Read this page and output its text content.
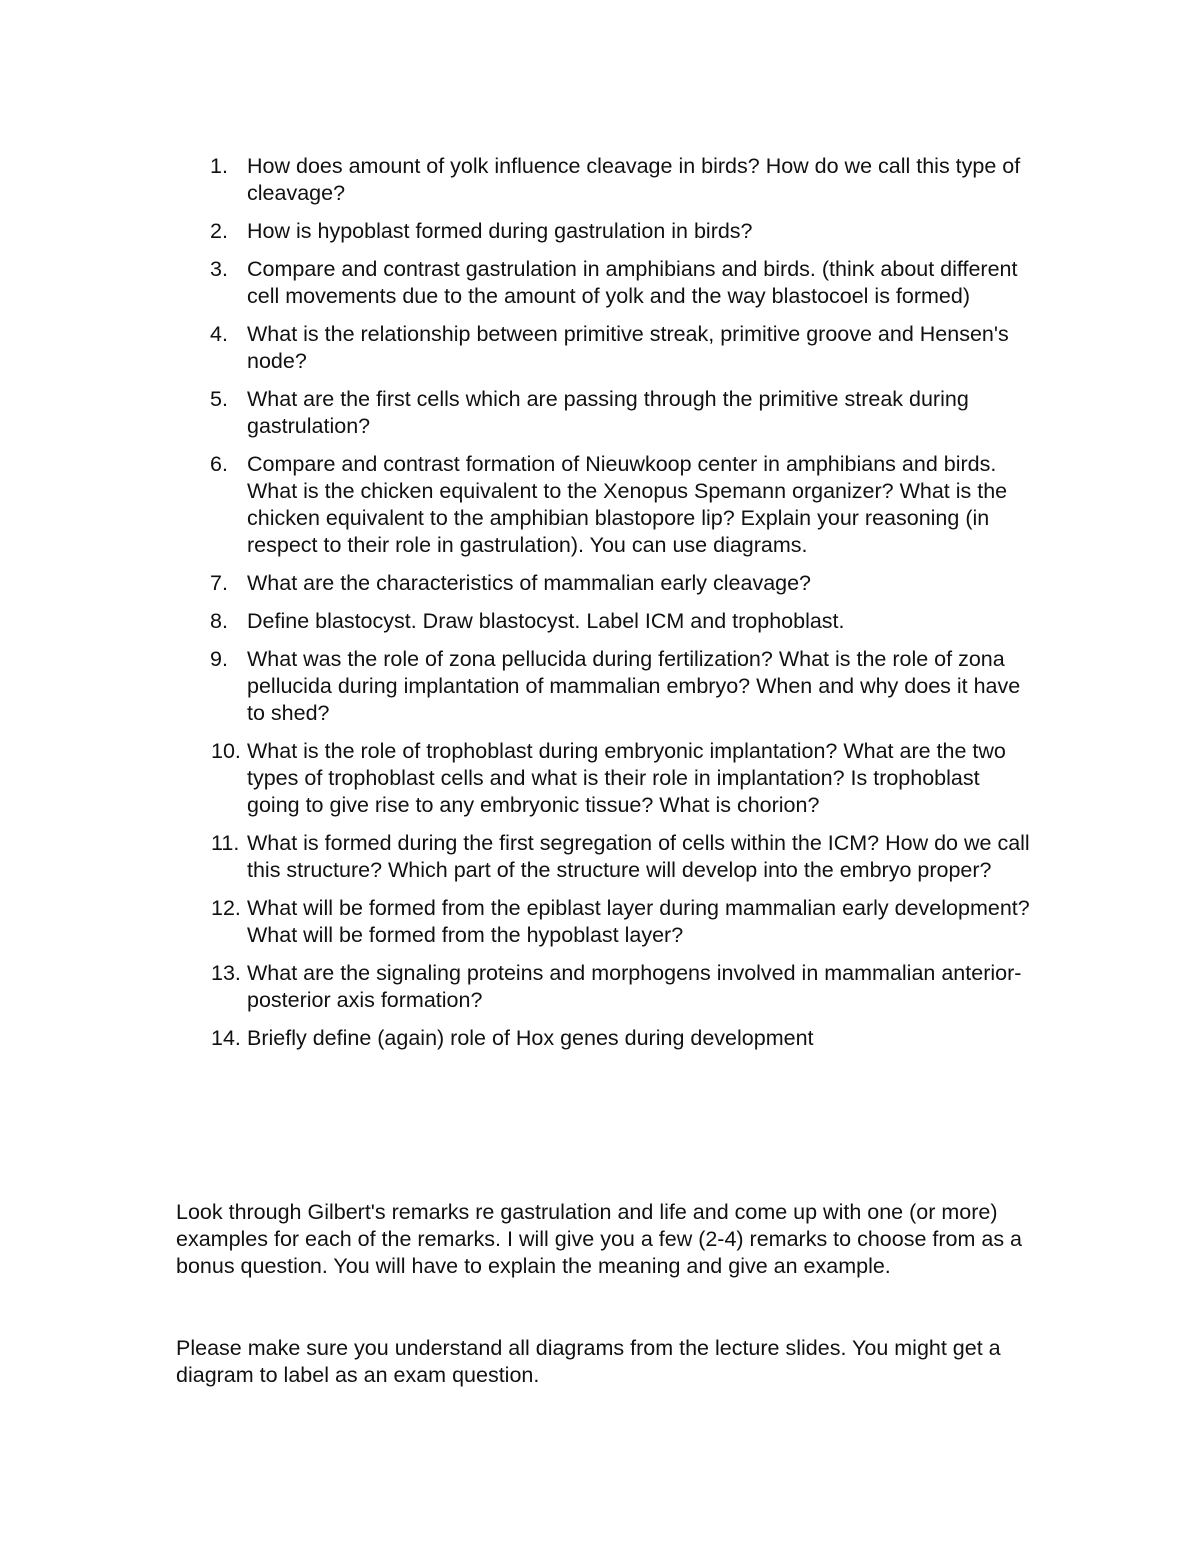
1. How does amount of yolk influence cleavage in birds? How do we call this type of cleavage?
2. How is hypoblast formed during gastrulation in birds?
3. Compare and contrast gastrulation in amphibians and birds. (think about different cell movements due to the amount of yolk and the way blastocoel is formed)
4. What is the relationship between primitive streak, primitive groove and Hensen's node?
5. What are the first cells which are passing through the primitive streak during gastrulation?
6. Compare and contrast formation of Nieuwkoop center in amphibians and birds. What is the chicken equivalent to the Xenopus Spemann organizer? What is the chicken equivalent to the amphibian blastopore lip? Explain your reasoning (in respect to their role in gastrulation). You can use diagrams.
7. What are the characteristics of mammalian early cleavage?
8. Define blastocyst. Draw blastocyst. Label ICM and trophoblast.
9. What was the role of zona pellucida during fertilization? What is the role of zona pellucida during implantation of mammalian embryo? When and why does it have to shed?
10. What is the role of trophoblast during embryonic implantation? What are the two types of trophoblast cells and what is their role in implantation? Is trophoblast going to give rise to any embryonic tissue? What is chorion?
11. What is formed during the first segregation of cells within the ICM? How do we call this structure? Which part of the structure will develop into the embryo proper?
12. What will be formed from the epiblast layer during mammalian early development? What will be formed from the hypoblast layer?
13. What are the signaling proteins and morphogens involved in mammalian anterior-posterior axis formation?
14. Briefly define (again) role of Hox genes during development

Look through Gilbert's remarks re gastrulation and life and come up with one (or more) examples for each of the remarks. I will give you a few (2-4) remarks to choose from as a bonus question. You will have to explain the meaning and give an example.

Please make sure you understand all diagrams from the lecture slides. You might get a diagram to label as an exam question.
